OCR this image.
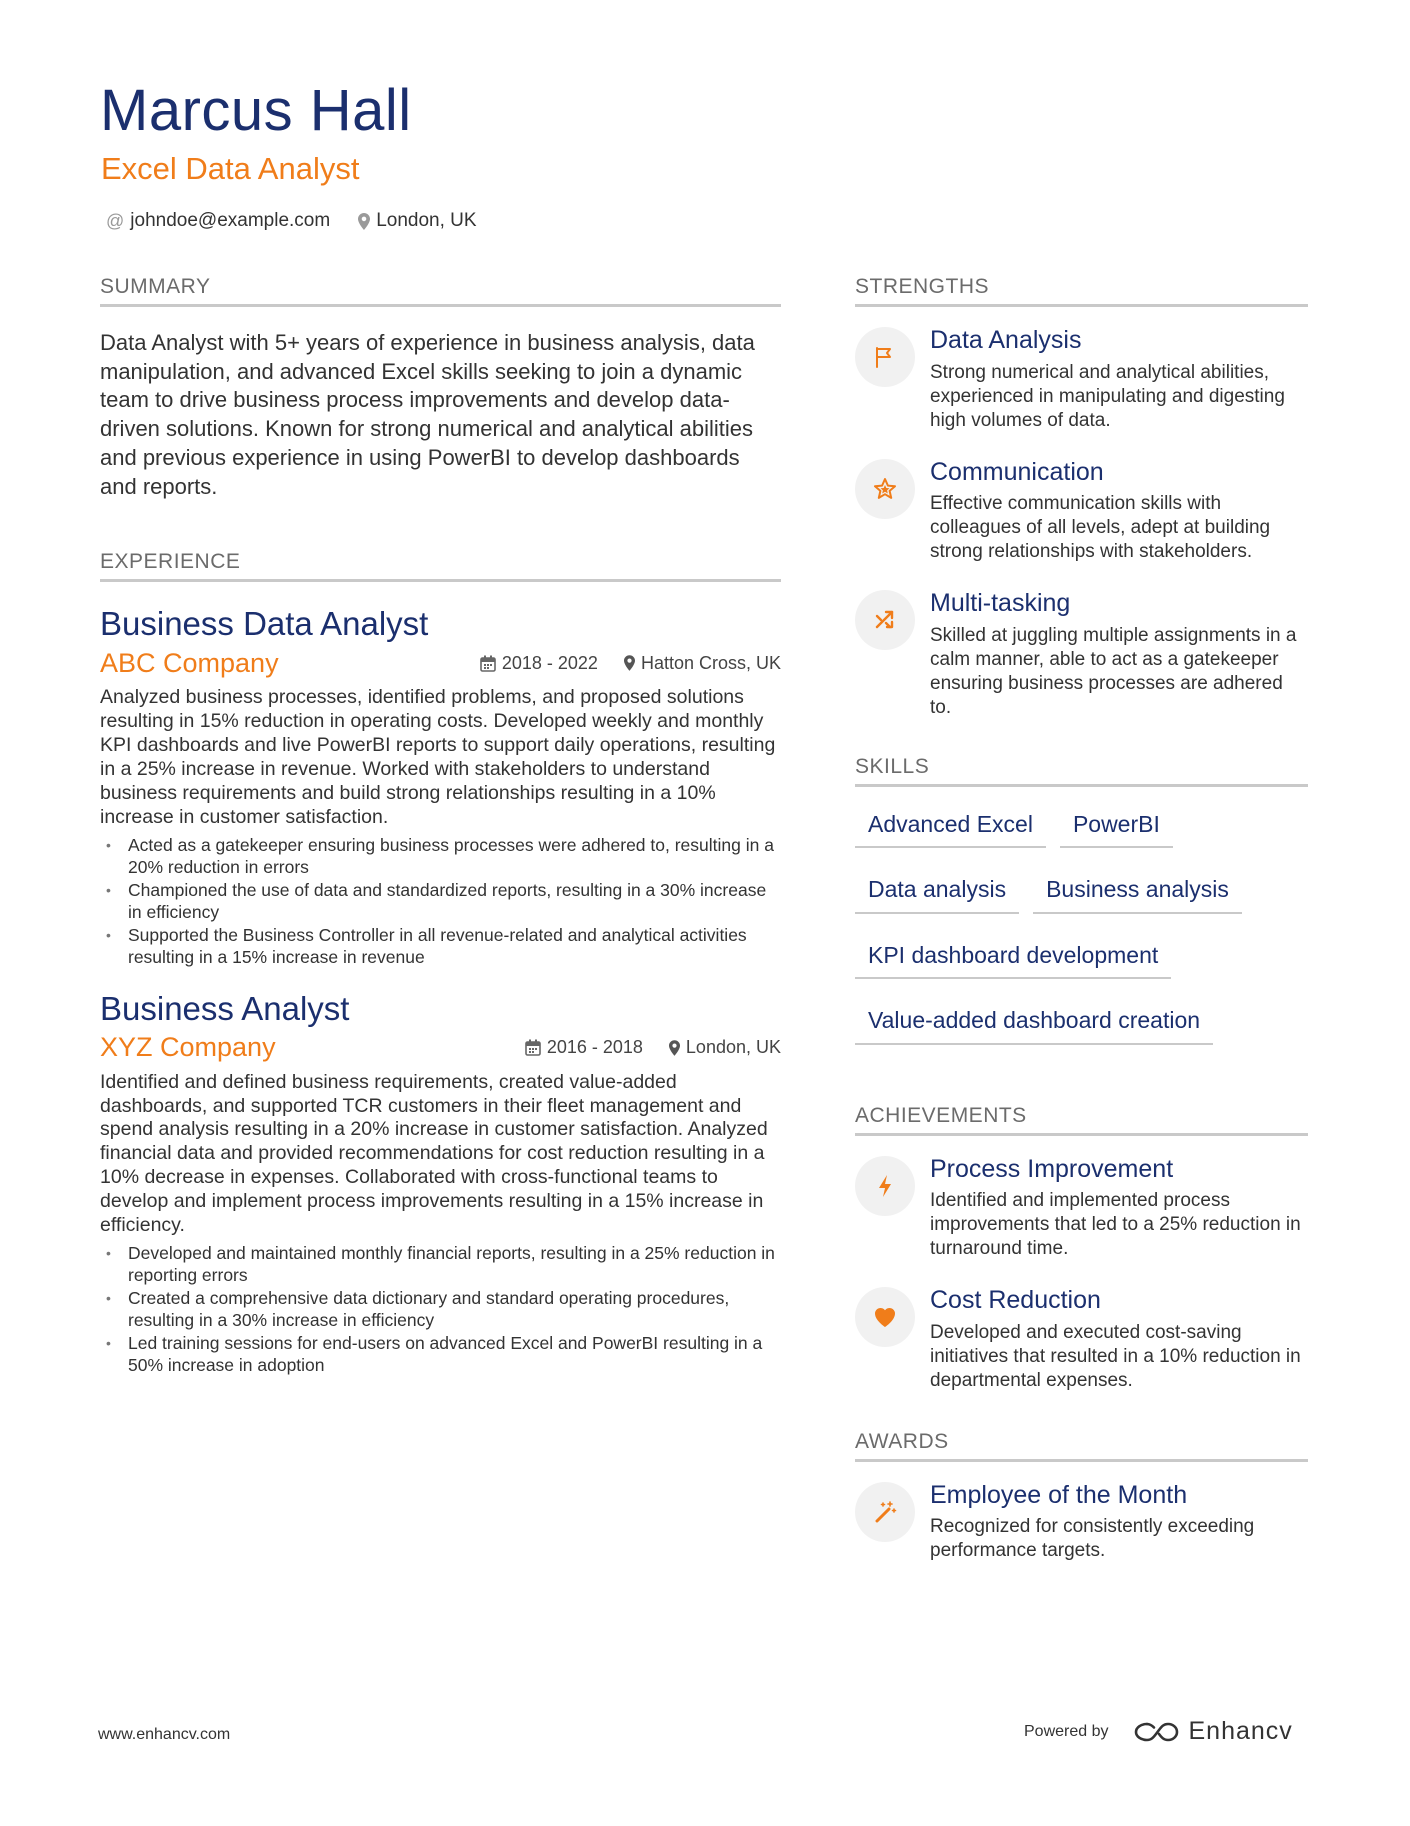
Marcus Hall
Excel Data Analyst
@ johndoe@example.com London, UK
SUMMARY
Data Analyst with 5+ years of experience in business analysis, data manipulation, and advanced Excel skills seeking to join a dynamic team to drive business process improvements and develop data-driven solutions. Known for strong numerical and analytical abilities and previous experience in using PowerBI to develop dashboards and reports.
EXPERIENCE
Business Data Analyst
ABC Company	2018 - 2022 Hatton Cross, UK
Analyzed business processes, identified problems, and proposed solutions resulting in 15% reduction in operating costs. Developed weekly and monthly KPI dashboards and live PowerBI reports to support daily operations, resulting in a 25% increase in revenue. Worked with stakeholders to understand business requirements and build strong relationships resulting in a 10% increase in customer satisfaction.
• Acted as a gatekeeper ensuring business processes were adhered to, resulting in a 20% reduction in errors
• Championed the use of data and standardized reports, resulting in a 30% increase in efficiency
• Supported the Business Controller in all revenue-related and analytical activities resulting in a 15% increase in revenue
Business Analyst
XYZ Company	2016 - 2018 London, UK
Identified and defined business requirements, created value-added dashboards, and supported TCR customers in their fleet management and spend analysis resulting in a 20% increase in customer satisfaction. Analyzed financial data and provided recommendations for cost reduction resulting in a 10% decrease in expenses. Collaborated with cross-functional teams to develop and implement process improvements resulting in a 15% increase in efficiency.
• Developed and maintained monthly financial reports, resulting in a 25% reduction in reporting errors
• Created a comprehensive data dictionary and standard operating procedures, resulting in a 30% increase in efficiency
• Led training sessions for end-users on advanced Excel and PowerBI resulting in a 50% increase in adoption
STRENGTHS
Data Analysis
Strong numerical and analytical abilities, experienced in manipulating and digesting high volumes of data.
Communication
Effective communication skills with colleagues of all levels, adept at building strong relationships with stakeholders.
Multi-tasking
Skilled at juggling multiple assignments in a calm manner, able to act as a gatekeeper ensuring business processes are adhered to.
SKILLS
Advanced Excel	PowerBI
Data analysis	Business analysis
KPI dashboard development
Value-added dashboard creation
ACHIEVEMENTS
Process Improvement
Identified and implemented process improvements that led to a 25% reduction in turnaround time.
Cost Reduction
Developed and executed cost-saving initiatives that resulted in a 10% reduction in departmental expenses.
AWARDS
Employee of the Month
Recognized for consistently exceeding performance targets.
www.enhancv.com	Powered by	Enhancv
